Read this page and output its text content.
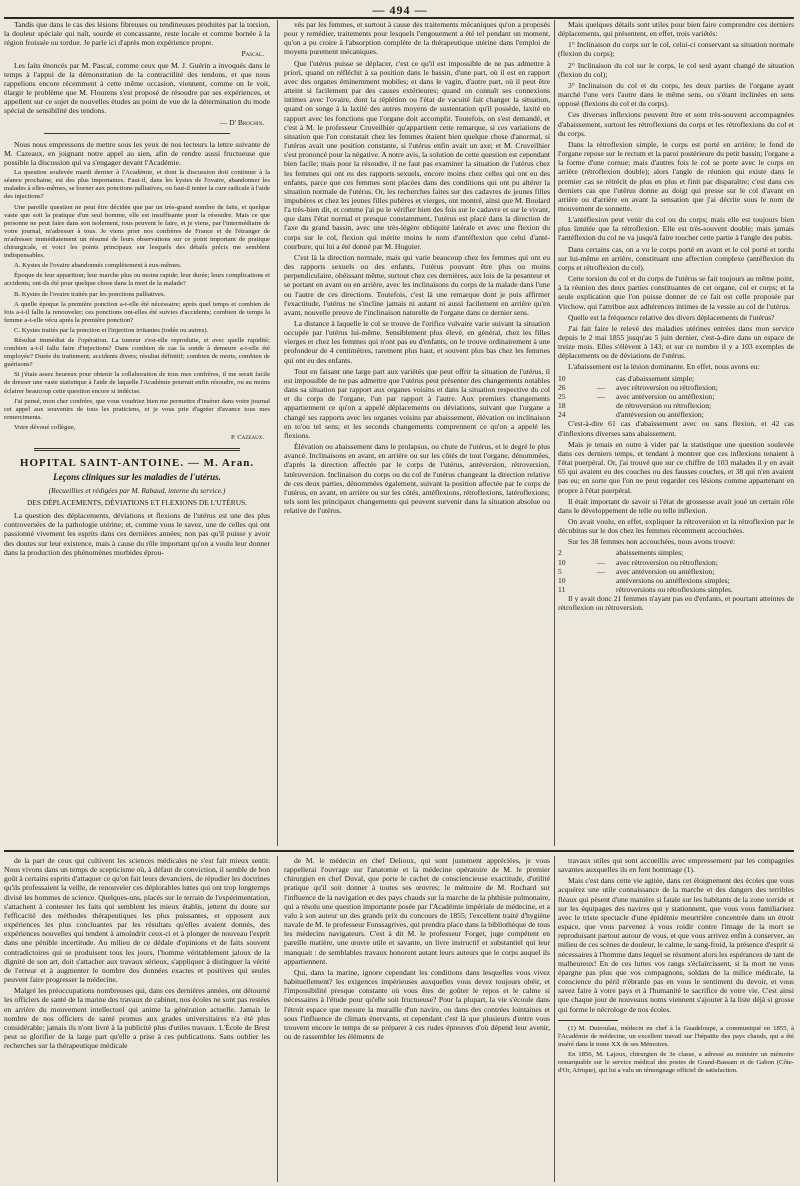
— 494 —

Tandis que dans le cas des lésions fibreuses ou tendineuses produites par la torsion, la douleur spéciale qui naît, sourde et concassante, reste locale et comme bornée à la région froissée ou tordue. Je parle ici d'après mon expérience propre.

Pascal.

Les faits énoncés par M. Pascal, comme ceux que M. J. Guérin a invoqués dans le temps à l'appui de la démonstration de la contractilité des tendons, et que nous rappelions encore récemment à cette même occasion, viennent, comme on le voit, élargir le problème que M. Flourens s'est proposé de résoudre par ses expériences, et appellent sur ce sujet de nouvelles études au point de vue de la détermination du mode spécial de sensibilité des tendons.

— D' Brochin.

Nous nous empressons de mettre sous les yeux de nos lecteurs la lettre suivante de M. Cazeaux, en joignant notre appel au sien, afin de rendre aussi fructueuse que possible la discussion qui va s'engager devant l'Académie.

La question soulevée mardi dernier à l'Académie, et dont la discussion doit continuer à la séance prochaine, est des plus importantes. Faut-il, dans les kystes de l'ovaire, abandonner les malades à elles-mêmes, se borner aux ponctions palliatives, ou faut-il tenter la cure radicale à l'aide des injections?

Une pareille question ne peut être décidée que par un très-grand nombre de faits, et quelque vaste que soit la pratique d'un seul homme, elle est insuffisante pour la résoudre. Mais ce que personne ne peut faire dans son isolement, tous peuvent le faire, et je viens, par l'intermédiaire de votre journal, m'adresser à tous. Je viens prier nos confrères de France et de l'étranger de m'adresser immédiatement un résumé de leurs observations sur ce point important de pratique chirurgicale, et voici les points principaux sur lesquels des détails précis me semblent indispensables.

A. Kystes de l'ovaire abandonnés complètement à eux-mêmes.

Époque de leur apparition; leur marche plus ou moins rapide; leur durée; leurs complications et accidents; ont-ils été pour quelque chose dans la mort de la malade?

B. Kystes de l'ovaire traités par les ponctions palliatives.

A quelle époque la première ponction a-t-elle été nécessaire; après quel temps et combien de fois a-t-il fallu la renouveler; ces ponctions ont-elles été suivies d'accidents; combien de temps la femme a-t-elle vécu après la première ponction?

C. Kystes traités par la ponction et l'injection irritantes (iodée ou autres).

Résultat immédiat de l'opération. La tumeur s'est-elle reproduite, et avec quelle rapidité; combien a-t-il fallu faire d'injections? Dans combien de cas la sonde à demeure a-t-elle été employée? Durée du traitement; accidents divers; résultat définitif; combien de morts, combien de guérisons?

Si j'étais assez heureux pour obtenir la collaboration de tous mes confrères, il me serait facile de dresser une vaste statistique à l'aide de laquelle l'Académie pourrait enfin résoudre, ou au moins éclairer beaucoup cette question encore si indécise.

J'ai pensé, mon cher confrère, que vous voudriez bien me permettre d'insérer dans votre journal cet appel aux souvenirs de tous les praticiens, et je vous prie d'agréer d'avance tous mes remerciments.

Votre dévoué collègue,

P. Cazeaux.

HOPITAL SAINT-ANTOINE. — M. Aran.
Leçons cliniques sur les maladies de l'utérus.
(Recueillies et rédigées par M. Rabaud, interne du service.)
DES DÉPLACEMENTS, DÉVIATIONS ET FLEXIONS DE L'UTÉRUS.

La question des déplacements, déviations et flexions de l'utérus est une des plus controversées de la pathologie utérine; et, comme vous le savez, une de celles qui ont passionné vivement les esprits dans ces dernières années; non pas qu'il puisse y avoir des doutes sur leur existence, mais à cause du rôle important qu'on a voulu leur donner dans la production des phénomènes morbides éprou-

vés par les femmes, et surtout à cause des traitements mécaniques qu'on a proposés pour y remédier, traitements pour lesquels l'engouement a été tel pendant un moment, qu'on a pu croire à l'absorption complète de la thérapeutique utérine dans l'emploi de moyens purement mécaniques.

Que l'utérus puisse se déplacer, c'est ce qu'il est impossible de ne pas admettre à priori, quand on réfléchit à sa position dans le bassin, d'une part, où il est en rapport avec des organes éminemment mobiles; et dans le vagin, d'autre part, où il peut être atteint si facilement par des causes extérieures; quand on connaît ses connexions intimes avec l'ovaire, dont la réplétion ou l'état de vacuité fait changer la situation, quand on songe à la laxité des autres moyens de sustentation qu'il possède, laxité en rapport avec les fonctions que l'organe doit accomplir. Toutefois, on s'est demandé, et c'est à M. le professeur Cruveilhier qu'appartient cette remarque, si ces variations de situation que l'on constatait chez les femmes étaient bien quelque chose d'anormal, si l'utérus avait une position constante, si l'utérus enfin avait un axe; et M. Cruveilhier s'est prononcé pour la négative. A notre avis, la solution de cette question est cependant bien facile; mais pour la résoudre, il ne faut pas examiner la situation de l'utérus chez les femmes qui ont eu des rapports sexuels, encore moins chez celles qui ont eu des enfants, parce que ces femmes sont placées dans des conditions qui ont pu altérer la situation normale de l'utérus. Or, les recherches faites sur des cadavres de jeunes filles impubères et chez les jeunes filles pubères et vierges, ont montré, ainsi que M. Boulard l'a très-bien dit, et comme j'ai pu le vérifier bien des fois sur le cadavre et sur le vivant, que dans l'état normal et presque constamment, l'utérus est placé dans la direction de l'axe du grand bassin, avec une très-légère obliquité latérale et avec une flexion du corps sur le col, flexion qui mérite moins le nom d'antéflexion que celui d'anté-courbure, qui lui a été donné par M. Huguier.

C'est là la direction normale, mais qui varie beaucoup chez les femmes qui ont eu des rapports sexuels ou des enfants, l'utérus pouvant être plus ou moins perpendiculaire, obéissant même, surtout chez ces dernières, aux lois de la pesanteur et se portant en avant ou en arrière, avec les inclinaisons du corps de la malade dans l'une ou l'autre de ces directions. Toutefois, c'est là une remarque dont je puis affirmer l'exactitude, l'utérus ne s'incline jamais ni autant ni aussi facilement en arrière qu'en avant, nouvelle preuve de l'inclinaison naturelle de l'organe dans ce dernier sens.

La distance à laquelle le col se trouve de l'orifice vulvaire varie suivant la situation occupée par l'utérus lui-même. Sensiblement plus élevé, en général, chez les filles vierges et chez les femmes qui n'ont pas eu d'enfants, on le trouve ordinairement à une profondeur de 4 centimètres, rarement plus haut, et souvent plus bas chez les femmes qui ont eu des enfants.

Tout en faisant une large part aux variétés que peut offrir la situation de l'utérus, il est impossible de ne pas admettre que l'utérus peut présenter des changements notables dans sa situation par rapport aux organes voisins et dans la situation respective du col et du corps de l'organe, l'un par rapport à l'autre. Aux premiers changements appartiennent ce qu'on a appelé déplacements ou déviations, suivant que l'organe a changé ses rapports avec les organes voisins par abaissement, élévation ou inclinaison en to'ou tel sens; et les seconds changements comprennent ce qu'on a appelé les flexions.

Élévation ou abaissement dans le prolapsus, ou chute de l'utérus, et le degré le plus avancé. Inclinaisons en avant, en arrière ou sur les côtés de tout l'organe, dénommées, d'après la direction affectée par le corps de l'utérus, antéversion, rétroversion, latéroversion. Inclinaison du corps ou du col de l'utérus changeant la direction relative de ces deux parties, dénommées également, suivant la position affectée par le corps de l'utérus, en avant, en arrière ou sur les côtés, antéflexions, rétroflexions, latéroflexions; tels sont les principaux changements qui peuvent survenir dans la situation absolue ou relative de l'utérus.

Mais quelques détails sont utiles pour bien faire comprendre ces derniers déplacements, qui présentent, en effet, trois variétés:

1° Inclinaison du corps sur le col, celui-ci conservant sa situation normale (flexion du corps);

2° Inclinaison du col sur le corps, le col seul ayant changé de situation (flexion du col);

3° Inclinaison du col et du corps, les deux parties de l'organe ayant marché l'une vers l'autre dans le même sens, ou s'étant inclinées en sens opposé (flexions du col et du corps).

Ces diverses inflexions peuvent être et sont très-souvent accompagnées d'abaissement, surtout les rétroflexions du corps et les rétroflexions du col et du corps.

Dans la rétroflexion simple, le corps est porté en arrière; le fond de l'organe repose sur le rectum et la paroi postérieure du petit bassin; l'organe a la forme d'une cornue; mais d'autres fois le col se porte avec le corps en arrière (rétroflexion double); alors l'angle de réunion qui existe dans le premier cas se rétrécit de plus en plus et finit par disparaître; c'est dans ces derniers cas que l'utérus donne au doigt qui presse sur le col d'avant en arrière ou d'arrière en avant la sensation que j'ai décrite sous le nom de mouvement de sonnette.

L'antéflexion peut venir du col ou du corps; mais elle est toujours bien plus limitée que la rétroflexion. Elle est très-souvent double; mais jamais l'antéflexion du col ne va jusqu'à faire toucher cette partie à l'angle des pubis.

Dans certains cas, on a vu le corps porté en avant et le col porté et tordu sur lui-même en arrière, constituant une affection complexe (antéflexion du corps et rétroflexion du col).

Cette torsion du col et du corps de l'utérus se fait toujours au même point, à la réunion des deux parties constituantes de cet organe, col et corps; et la seule explication que l'on puisse donner de ce fait est celle proposée par Virchow, qui l'attribue aux adhérences intimes de la vessie au col de l'utérus.

Quelle est la fréquence relative des divers déplacements de l'utérus?

J'ai fait faire le relevé des maladies utérines entrées dans mon service depuis le 2 mai 1855 jusqu'au 5 juin dernier, c'est-à-dire dans un espace de treize mois. Elles s'élèvent à 143; et sur ce nombre il y a 103 exemples de déplacements ou de déviations de l'utérus.

L'abaissement est la lésion dominante. En effet, nous avons eu:

10	cas d'abaissement simple;
26	—	avec rétroversion ou rétroflexion;
25	—	avec antéversion ou antéflexion;
18	de rétroversion ou rétroflexion;
24	d'antéversion ou antéflexion;

C'est-à-dire 61 cas d'abaissement avec ou sans flexion, et 42 cas d'inflexions diverses sans abaissement.

Mais je tenais en outre à vider par la statistique une question soulevée dans ces derniers temps, et tendant à montrer que ces inflexions tenaient à l'état puerpéral. Or, j'ai trouvé que sur ce chiffre de 103 malades il y en avait 65 qui avaient eu des couches ou des fausses couches, et 38 qui n'en avaient pas eu; en sorte que l'on ne peut regarder ces lésions comme appartenant en propre à l'état puerpéral.

Il était important de savoir si l'état de grossesse avait joué un certain rôle dans le développement de telle ou telle inflexion.

On avait voulu, en effet, expliquer la rétroversion et la rétroflexion par le décubitus sur le dos chez les femmes récemment accouchées.

Sur les 38 femmes non accouchées, nous avons trouvé:

2	abaissements simples;
10	—	avec rétroversion ou rétroflexion;
5	—	avec antéversion ou antéflexion;
10	antéversions ou antéflexions simples;
11	rétroversions ou rétroflexions simples.

Il y avait donc 21 femmes n'ayant pas eu d'enfants, et pourtant atteintes de rétroflexion ou rétroversion.

de la part de ceux qui cultivent les sciences médicales ne s'est fait mieux sentir. Nous vivons dans un temps de scepticisme où, à défaut de conviction, il semble de bon goût à certains esprits d'attaquer ce qu'on fait leurs devanciers, de répudier les doctrines qu'ils professaient la veille, de renouveler ces déplorables luttes qui ont trop longtemps divisé les hommes de science. Quelques-uns, placés sur le terrain de l'expérimentation, s'attachent à contester les faits qui semblent les mieux établis, jettent du doute sur l'efficacité des méthodes thérapeutiques les plus puissantes, et opposent aux expériences les plus concluantes par les résultats qu'elles avaient donnés, des expériences nouvelles qui tendent à amoindrir ceux-ci et à plonger de nouveau l'esprit dans une pénible incertitude. Au milieu de ce dédale d'opinions et de faits souvent contradictoires qui se produisent tous les jours, l'homme véritablement jaloux de la dignité de son art, doit s'attacher aux travaux sérieux, s'appliquer à distinguer la vérité de l'erreur et à augmenter le nombre des données exactes et positives qui seules peuvent faire progresser la médecine.

Malgré les préoccupations nombreuses qui, dans ces dernières années, ont détourné les officiers de santé de la marine des travaux de cabinet, nos écoles ne sont pas restées en arrière du mouvement intellectuel qui anime la génération actuelle. Jamais le nombre de nos officiers de santé promus aux grades universitaires n'a été plus considérable; jamais ils n'ont livré à la publicité plus d'utiles travaux. L'École de Brest peut se glorifier de la large part qu'elle a prise à ces publications. Sans oublier les recherches sur la thérapeutique médicale

de M. le médecin en chef Delioux, qui sont justement appréciées, je vous rappellerai l'ouvrage sur l'anatomie et la médecine opératoire de M. le premier chirurgien en chef Duval, que porte le cachet de consciencieuse exactitude, d'utilité pratique qu'il soit donner à toutes ses œuvres; le mémoire de M. Rochard sur l'influence de la navigation et des pays chauds sur la marche de la phthisie pulmonaire, qui a résolu une question importante posée par l'Académie impériale de médecine, et a valu à son auteur un des grands prix du concours de 1855; l'excellent traité d'hygiène navale de M. le professeur Fonssagrives, qui prendra place dans la bibliothèque de tous les médecins navigateurs. C'est à dit M. le professeur Forget, juge compétent en pareille matière, une œuvre utile et savante, un livre instructif et substantiel qui leur manquait : de semblables travaux honorent autant leurs auteurs que le corps auquel ils appartiennent.

Qui, dans la marine, ignore cependant les conditions dans lesquelles vous vivez habituellement? les exigences impérieuses auxquelles vous devez toujours obéir, et l'impossibilité presque constante où vous êtes de goûter le repos et le calme si nécessaires à l'étude pour qu'elle soit fructueuse? Pour la plupart, la vie s'écoule dans l'étroit espace que mesure la muraille d'un navire, ou dans des contrées lointaines et sous l'influence de climats énervants, et cependant c'est là que plusieurs d'entre vous trouvent encore le temps de se préparer à ces rudes épreuves d'où dépend leur avenir, ou de rassembler les éléments de

travaux utiles qui sont accueillis avec empressement par les compagnies savantes auxquelles ils en font hommage (1).

Mais c'est dans cette vie agitée, dans cet éloignement des écoles que vous acquérez une utile connaissance de la marche et des dangers des terribles fléaux qui pèsent d'une manière si fatale sur les habitants de la zone torride et sur les équipages des navires qui y stationnent, que vous vous familiarisez avec le triste spectacle d'une épidémie meurtrière concentrée dans un étroit espace, que vous parvenez à vous roidir contre l'image de la mort se reproduisant partout autour de vous, et que vous arrivez enfin à conserver, au milieu de ces scènes de douleur, le calme, le sang-froid, la présence d'esprit si nécessaires à l'homme dans lequel se résument alors les espérances de tant de malheureux! En de ces luttes vos rangs s'éclaircissent, si la mort ne vous épargne pas plus que vos compagnons, soldats de la milice médicale, la conscience du péril n'ébranle pas en vous le sentiment du devoir, et vous savez faire à votre pays et à l'humanité le sacrifice de votre vie. C'est ainsi que chaque jour de nouveaux noms viennent s'ajouter à la liste déjà si grosse qui forme le nécrologe de nos écoles.

(1) M. Dutroulau, médecin en chef à la Guadeloupe, a communiqué en 1855, à l'Académie de médecine, un excellent travail sur l'hépatite des pays chauds, qui a été inséré dans le tome XX de ses Mémoires.

En 1856, M. Lajoux, chirurgien de 3e classe, a adressé au ministre un mémoire remarquable sur le service médical des postes de Grand-Bassam et de Gabon (Côte-d'Or, Afrique), qui lui a valu un témoignage officiel de satisfaction.
